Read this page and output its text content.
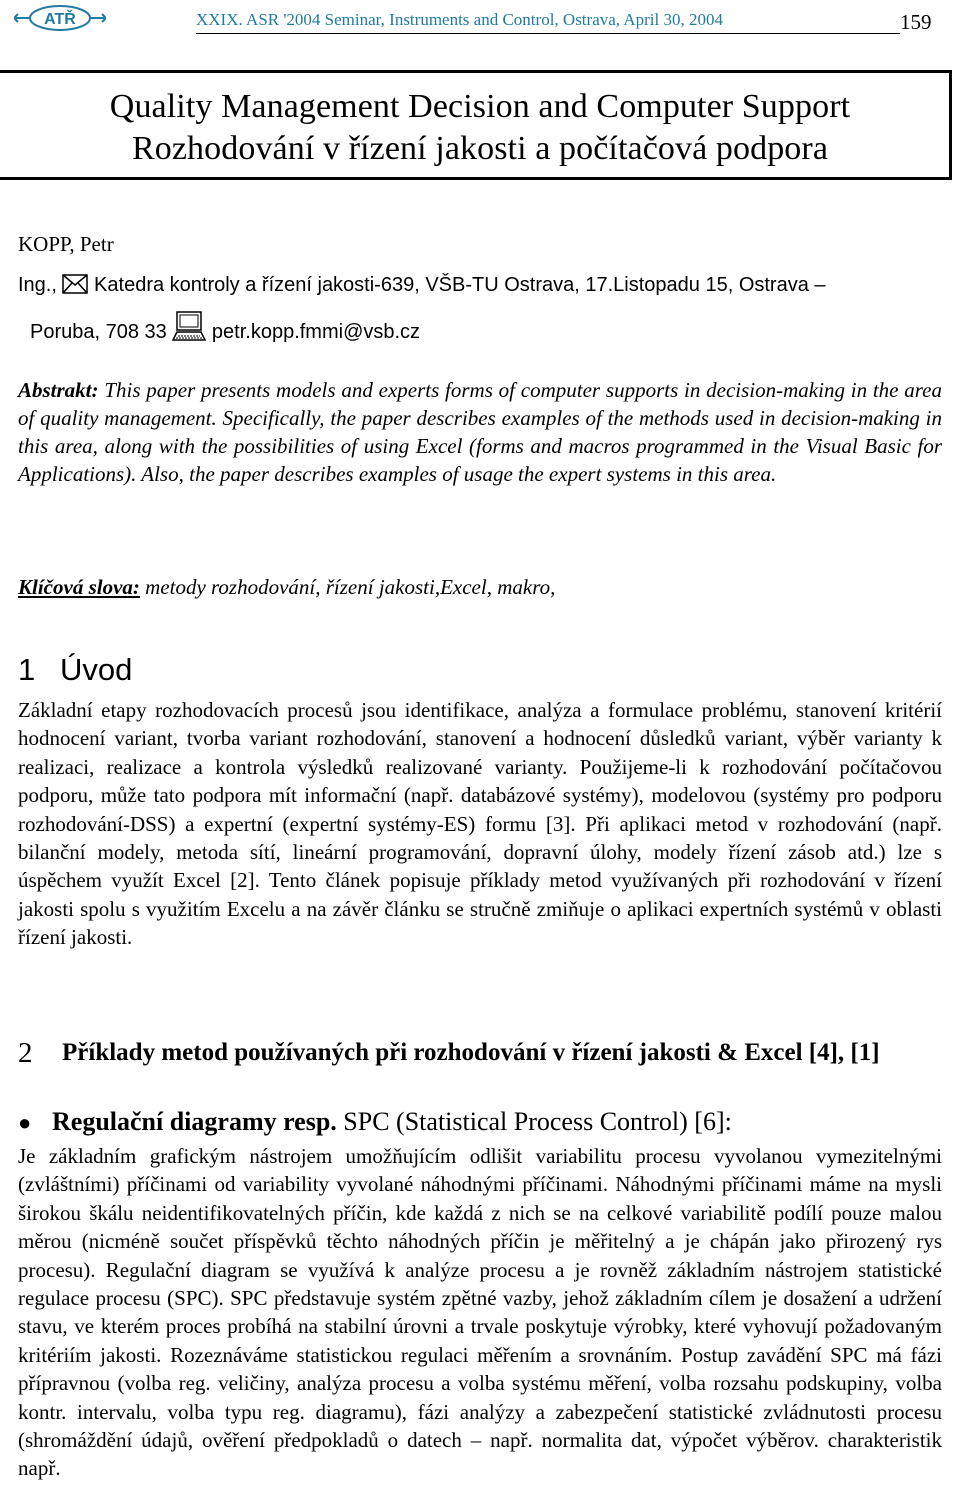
ATŘ	XXIX. ASR '2004 Seminar, Instruments and Control, Ostrava, April 30, 2004	159
Quality Management Decision and Computer Support
Rozhodování v řízení jakosti a počítačová podpora
KOPP, Petr
Ing., Katedra kontroly a řízení jakosti-639, VŠB-TU Ostrava, 17.Listopadu 15, Ostrava –
Poruba, 708 33 petr.kopp.fmmi@vsb.cz
Abstrakt: This paper presents models and experts forms of computer supports in decision-making in the area of quality management. Specifically, the paper describes examples of the methods used in decision-making in this area, along with the possibilities of using Excel (forms and macros programmed in the Visual Basic for Applications). Also, the paper describes examples of usage the expert systems in this area.
Klíčová slova: metody rozhodování, řízení jakosti,Excel, makro,
1 Úvod
Základní etapy rozhodovacích procesů jsou identifikace, analýza a formulace problému, stanovení kritérií hodnocení variant, tvorba variant rozhodování, stanovení a hodnocení důsledků variant, výběr varianty k realizaci, realizace a kontrola výsledků realizované varianty. Použijeme-li k rozhodování počítačovou podporu, může tato podpora mít informační (např. databázové systémy), modelovou (systémy pro podporu rozhodování-DSS) a expertní (expertní systémy-ES) formu [3]. Při aplikaci metod v rozhodování (např. bilanční modely, metoda sítí, lineární programování, dopravní úlohy, modely řízení zásob atd.) lze s úspěchem využít Excel [2]. Tento článek popisuje příklady metod využívaných při rozhodování v řízení jakosti spolu s využitím Excelu a na závěr článku se stručně zmiňuje o aplikaci expertních systémů v oblasti řízení jakosti.
2 Příklady metod používaných při rozhodování v řízení jakosti & Excel [4], [1]
● Regulační diagramy resp. SPC (Statistical Process Control) [6]:
Je základním grafickým nástrojem umožňujícím odlišit variabilitu procesu vyvolanou vymezitelnými (zvláštními) příčinami od variability vyvolané náhodnými příčinami. Náhodnými příčinami máme na mysli širokou škálu neidentifikovatelných příčin, kde každá z nich se na celkové variabilitě podílí pouze malou měrou (nicméně součet příspěvků těchto náhodných příčin je měřitelný a je chápán jako přirozený rys procesu). Regulační diagram se využívá k analýze procesu a je rovněž základním nástrojem statistické regulace procesu (SPC). SPC představuje systém zpětné vazby, jehož základním cílem je dosažení a udržení stavu, ve kterém proces probíhá na stabilní úrovni a trvale poskytuje výrobky, které vyhovují požadovaným kritériím jakosti. Rozeznáváme statistickou regulaci měřením a srovnáním. Postup zavádění SPC má fázi přípravnou (volba reg. veličiny, analýza procesu a volba systému měření, volba rozsahu podskupiny, volba kontr. intervalu, volba typu reg. diagramu), fázi analýzy a zabezpečení statistické zvládnutosti procesu (shromáždění údajů, ověření předpokladů o datech – např. normalita dat, výpočet výběrov. charakteristik např.
